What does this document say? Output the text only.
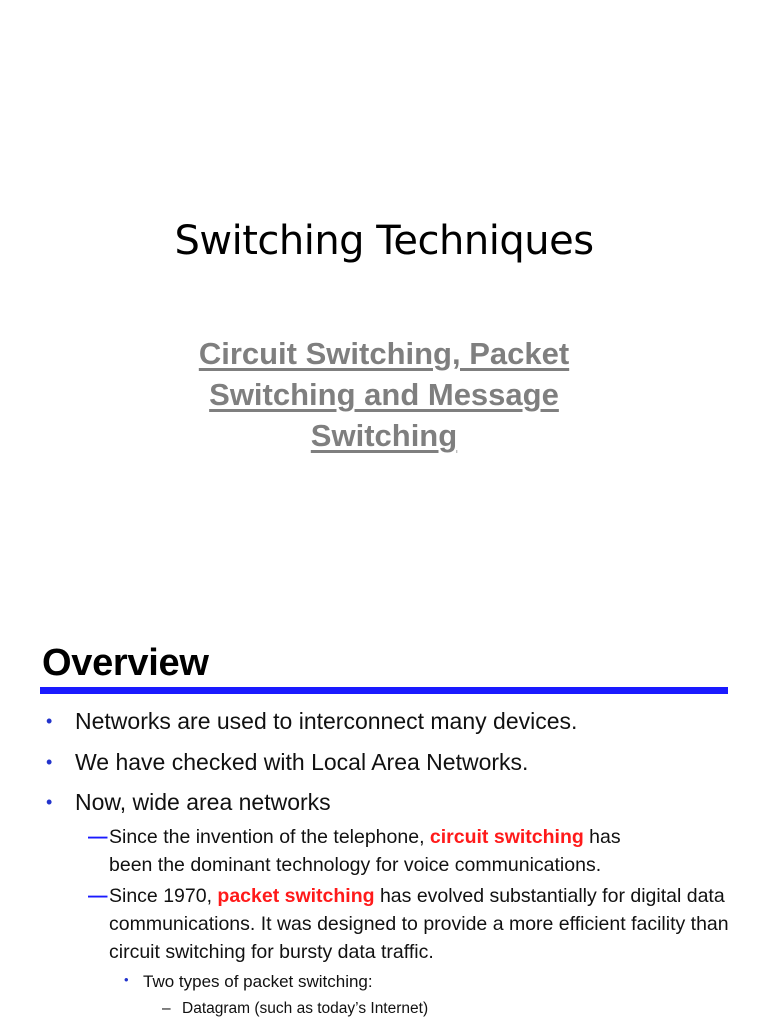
Switching Techniques
Circuit Switching, Packet
Switching and Message
Switching
Overview
• Networks are used to interconnect many devices.
• We have checked with Local Area Networks.
• Now, wide area networks
— Since the invention of the telephone, circuit switching has
been the dominant technology for voice communications.
— Since 1970, packet switching has evolved substantially for digital data communications. It was designed to provide a more efficient facility than circuit switching for bursty data traffic.
• Two types of packet switching:
– Datagram (such as today’s Internet)
